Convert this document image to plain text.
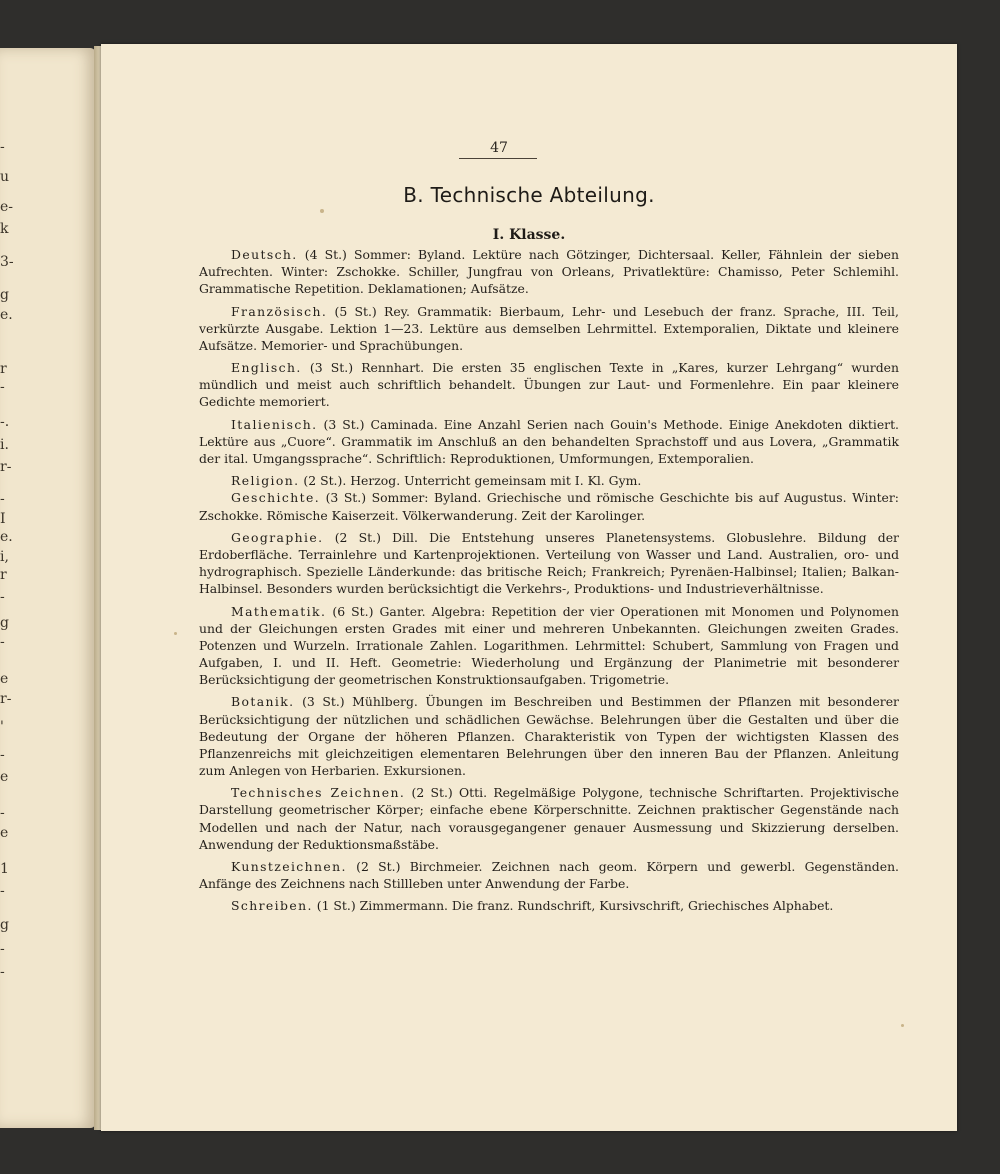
-
u
e-
k
3-
g
e.
r
-
-.
i.
r-
-
I
e.
i,
r
-
g
-
e
r-
'
-
e
-
e
1
-
g
-
-
47
B. Technische Abteilung.
I. Klasse.

Deutsch. (4 St.) Sommer: Byland. Lektüre nach Götzinger, Dichtersaal. Keller, Fähnlein der sieben Aufrechten. Winter: Zschokke. Schiller, Jungfrau von Orleans, Privatlektüre: Chamisso, Peter Schlemihl. Grammatische Repetition. Deklamationen; Aufsätze.

Französisch. (5 St.) Rey. Grammatik: Bierbaum, Lehr- und Lesebuch der franz. Sprache, III. Teil, verkürzte Ausgabe. Lektion 1—23. Lektüre aus demselben Lehrmittel. Extemporalien, Diktate und kleinere Aufsätze. Memorier- und Sprachübungen.

Englisch. (3 St.) Rennhart. Die ersten 35 englischen Texte in „Kares, kurzer Lehrgang“ wurden mündlich und meist auch schriftlich behandelt. Übungen zur Laut- und Formenlehre. Ein paar kleinere Gedichte memoriert.

Italienisch. (3 St.) Caminada. Eine Anzahl Serien nach Gouin's Methode. Einige Anekdoten diktiert. Lektüre aus „Cuore“. Grammatik im Anschluß an den behandelten Sprachstoff und aus Lovera, „Grammatik der ital. Umgangssprache“. Schriftlich: Reproduktionen, Umformungen, Extemporalien.

Religion. (2 St.). Herzog. Unterricht gemeinsam mit I. Kl. Gym.

Geschichte. (3 St.) Sommer: Byland. Griechische und römische Geschichte bis auf Augustus. Winter: Zschokke. Römische Kaiserzeit. Völkerwanderung. Zeit der Karolinger.

Geographie. (2 St.) Dill. Die Entstehung unseres Planetensystems. Globuslehre. Bildung der Erdoberfläche. Terrainlehre und Kartenprojektionen. Verteilung von Wasser und Land. Australien, oro- und hydrographisch. Spezielle Länderkunde: das britische Reich; Frankreich; Pyrenäen-Halbinsel; Italien; Balkan-Halbinsel. Besonders wurden berücksichtigt die Verkehrs-, Produktions- und Industrieverhältnisse.

Mathematik. (6 St.) Ganter. Algebra: Repetition der vier Operationen mit Monomen und Polynomen und der Gleichungen ersten Grades mit einer und mehreren Unbekannten. Gleichungen zweiten Grades. Potenzen und Wurzeln. Irrationale Zahlen. Logarithmen. Lehrmittel: Schubert, Sammlung von Fragen und Aufgaben, I. und II. Heft. Geometrie: Wiederholung und Ergänzung der Planimetrie mit besonderer Berücksichtigung der geometrischen Konstruktionsaufgaben. Trigometrie.

Botanik. (3 St.) Mühlberg. Übungen im Beschreiben und Bestimmen der Pflanzen mit besonderer Berücksichtigung der nützlichen und schädlichen Gewächse. Belehrungen über die Gestalten und über die Bedeutung der Organe der höheren Pflanzen. Charakteristik von Typen der wichtigsten Klassen des Pflanzenreichs mit gleichzeitigen elementaren Belehrungen über den inneren Bau der Pflanzen. Anleitung zum Anlegen von Herbarien. Exkursionen.

Technisches Zeichnen. (2 St.) Otti. Regelmäßige Polygone, technische Schriftarten. Projektivische Darstellung geometrischer Körper; einfache ebene Körperschnitte. Zeichnen praktischer Gegenstände nach Modellen und nach der Natur, nach vorausgegangener genauer Ausmessung und Skizzierung derselben. Anwendung der Reduktionsmaßstäbe.

Kunstzeichnen. (2 St.) Birchmeier. Zeichnen nach geom. Körpern und gewerbl. Gegenständen. Anfänge des Zeichnens nach Stillleben unter Anwendung der Farbe.

Schreiben. (1 St.) Zimmermann. Die franz. Rundschrift, Kursivschrift, Griechisches Alphabet.
